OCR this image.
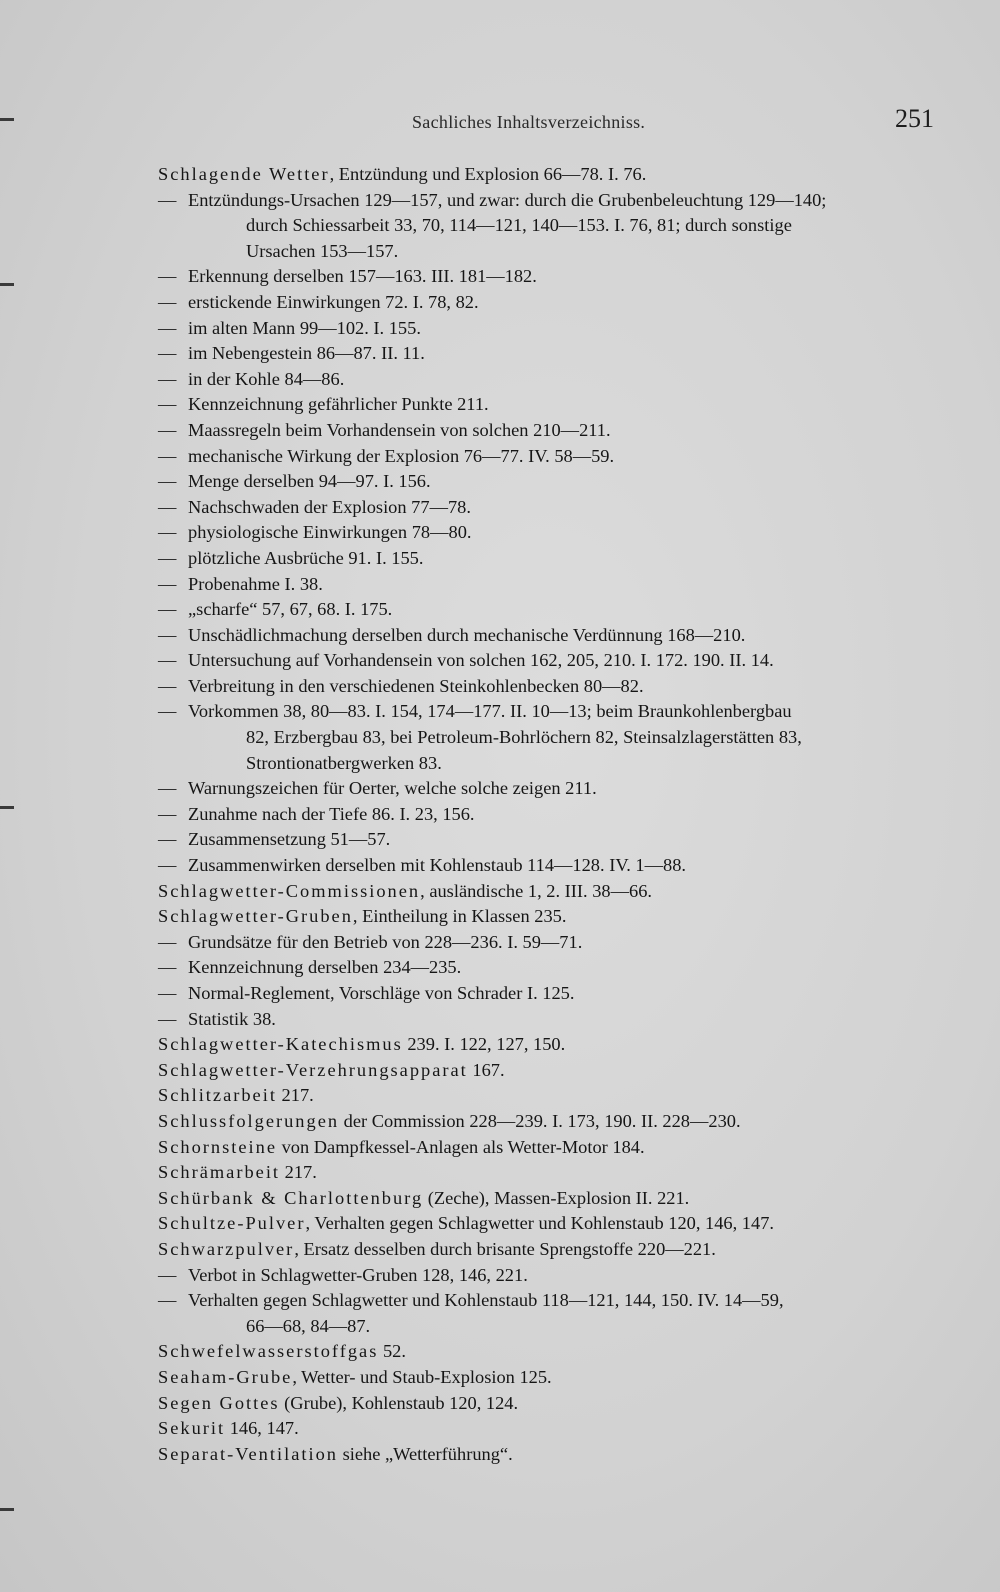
Sachliches Inhaltsverzeichniss.	251
Schlagende Wetter, Entzündung und Explosion 66—78. I. 76.
— Entzündungs-Ursachen 129—157, und zwar: durch die Grubenbeleuchtung 129—140;
durch Schiessarbeit 33, 70, 114—121, 140—153. I. 76, 81; durch sonstige
Ursachen 153—157.
— Erkennung derselben 157—163. III. 181—182.
— erstickende Einwirkungen 72. I. 78, 82.
— im alten Mann 99—102. I. 155.
— im Nebengestein 86—87. II. 11.
— in der Kohle 84—86.
— Kennzeichnung gefährlicher Punkte 211.
— Maassregeln beim Vorhandensein von solchen 210—211.
— mechanische Wirkung der Explosion 76—77. IV. 58—59.
— Menge derselben 94—97. I. 156.
— Nachschwaden der Explosion 77—78.
— physiologische Einwirkungen 78—80.
— plötzliche Ausbrüche 91. I. 155.
— Probenahme I. 38.
— „scharfe“ 57, 67, 68. I. 175.
— Unschädlichmachung derselben durch mechanische Verdünnung 168—210.
— Untersuchung auf Vorhandensein von solchen 162, 205, 210. I. 172. 190. II. 14.
— Verbreitung in den verschiedenen Steinkohlenbecken 80—82.
— Vorkommen 38, 80—83. I. 154, 174—177. II. 10—13; beim Braunkohlenbergbau
82, Erzbergbau 83, bei Petroleum-Bohrlöchern 82, Steinsalzlagerstätten 83,
Strontionatbergwerken 83.
— Warnungszeichen für Oerter, welche solche zeigen 211.
— Zunahme nach der Tiefe 86. I. 23, 156.
— Zusammensetzung 51—57.
— Zusammenwirken derselben mit Kohlenstaub 114—128. IV. 1—88.
Schlagwetter-Commissionen, ausländische 1, 2. III. 38—66.
Schlagwetter-Gruben, Eintheilung in Klassen 235.
— Grundsätze für den Betrieb von 228—236. I. 59—71.
— Kennzeichnung derselben 234—235.
— Normal-Reglement, Vorschläge von Schrader I. 125.
— Statistik 38.
Schlagwetter-Katechismus 239. I. 122, 127, 150.
Schlagwetter-Verzehrungsapparat 167.
Schlitzarbeit 217.
Schlussfolgerungen der Commission 228—239. I. 173, 190. II. 228—230.
Schornsteine von Dampfkessel-Anlagen als Wetter-Motor 184.
Schrämarbeit 217.
Schürbank & Charlottenburg (Zeche), Massen-Explosion II. 221.
Schultze-Pulver, Verhalten gegen Schlagwetter und Kohlenstaub 120, 146, 147.
Schwarzpulver, Ersatz desselben durch brisante Sprengstoffe 220—221.
— Verbot in Schlagwetter-Gruben 128, 146, 221.
— Verhalten gegen Schlagwetter und Kohlenstaub 118—121, 144, 150. IV. 14—59,
66—68, 84—87.
Schwefelwasserstoffgas 52.
Seaham-Grube, Wetter- und Staub-Explosion 125.
Segen Gottes (Grube), Kohlenstaub 120, 124.
Sekurit 146, 147.
Separat-Ventilation siehe „Wetterführung“.
